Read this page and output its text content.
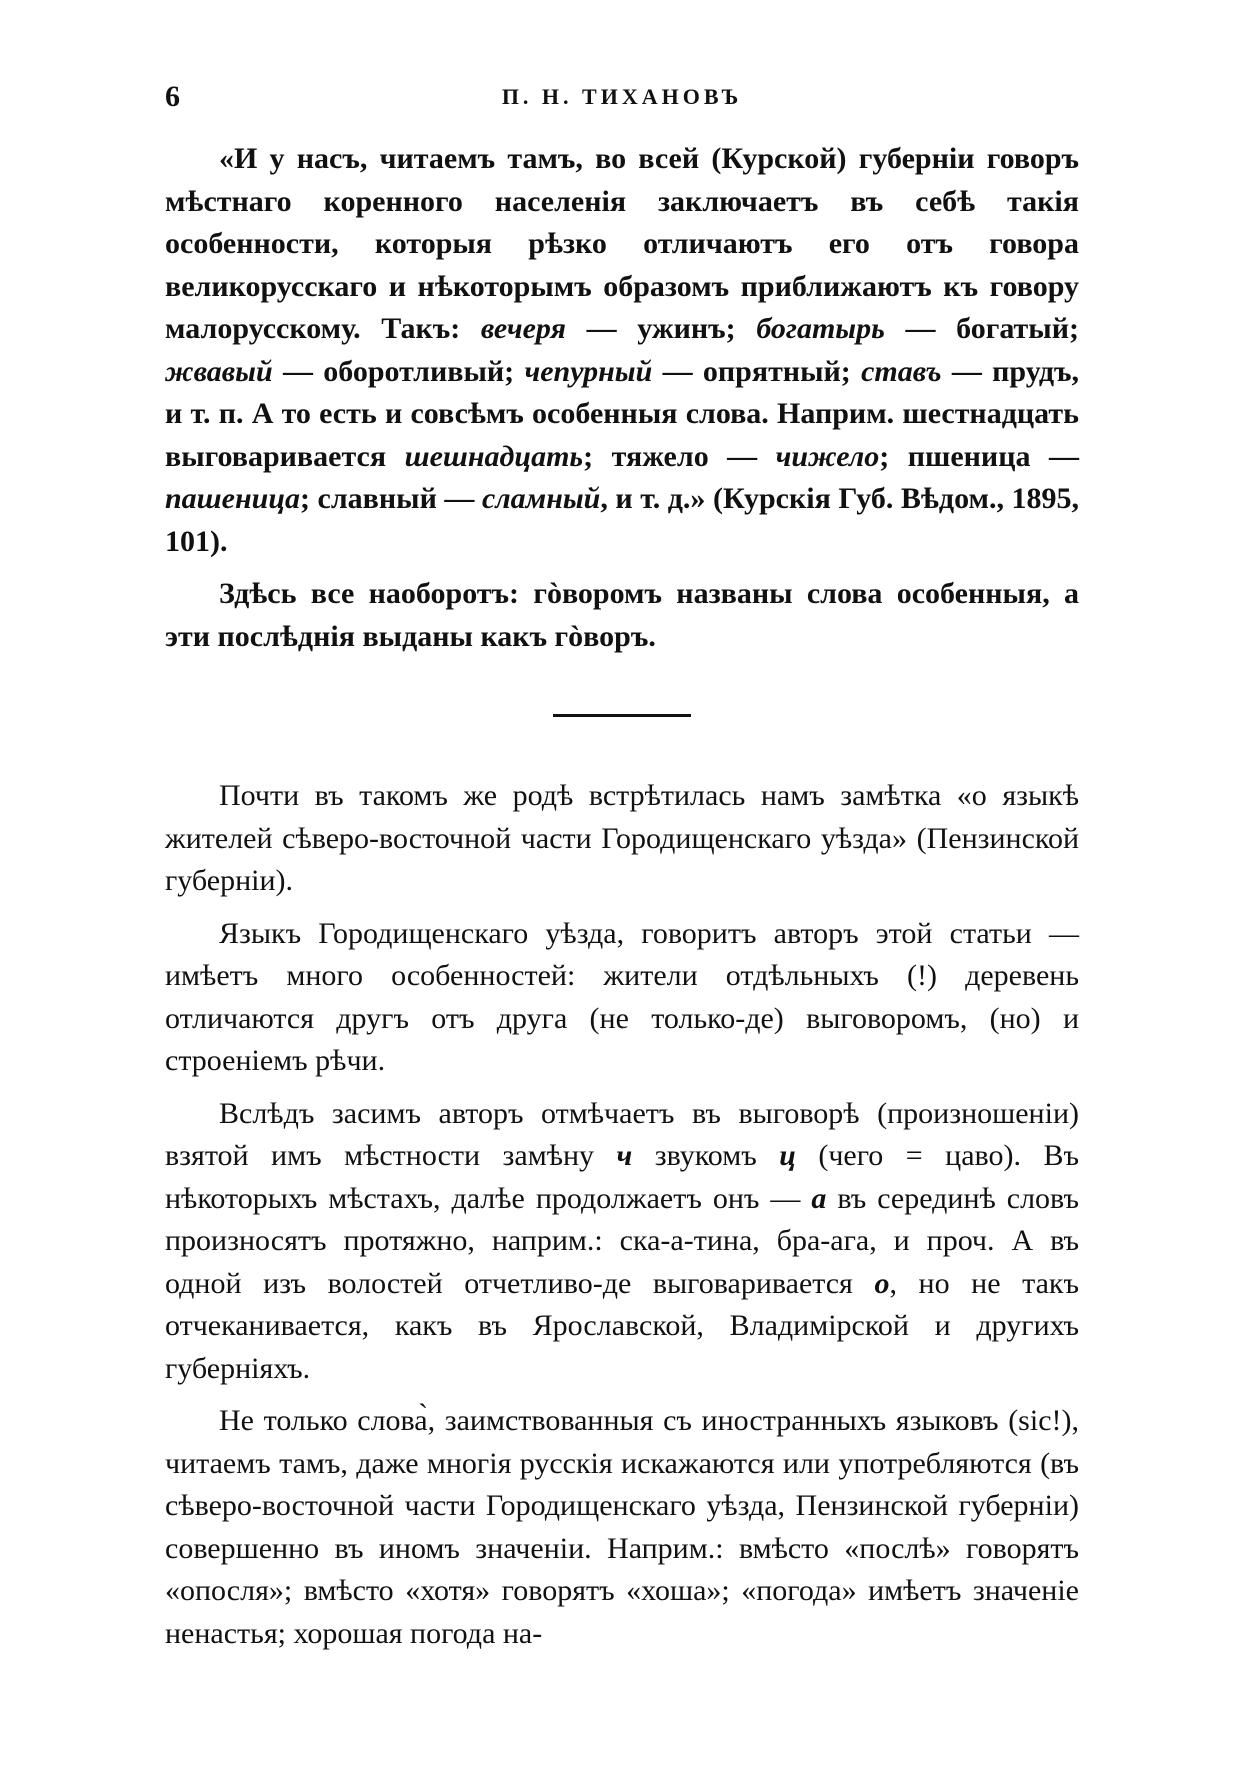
6	П. Н. ТИХАНОВЪ

«И у насъ, читаемъ тамъ, во всей (Курской) губерніи говоръ мѣстнаго коренного населенія заключаетъ въ себѣ такія особенности, которыя рѣзко отличаютъ его отъ говора великорусскаго и нѣкоторымъ образомъ приближаютъ къ говору малорусскому. Такъ: вечеря — ужинъ; богатырь — богатый; жвавый — оборотливый; чепурный — опрятный; ставъ — прудъ, и т. п. А то есть и совсѣмъ особенныя слова. Наприм. шестнадцать выговаривается шешнадцать; тяжело — чижело; пшеница — пашеница; славный — сламный, и т. д.» (Курскія Губ. Вѣдом., 1895, 101).

Здѣсь все наоборотъ: гòворомъ названы слова особенныя, а эти послѣднія выданы какъ гòворъ.

Почти въ такомъ же родѣ встрѣтилась намъ замѣтка «о языкѣ жителей сѣверо-восточной части Городищенскаго уѣзда» (Пензинской губерніи).

Языкъ Городищенскаго уѣзда, говоритъ авторъ этой статьи — имѣетъ много особенностей: жители отдѣльныхъ (!) деревень отличаются другъ отъ друга (не только-де) выговоромъ, (но) и строеніемъ рѣчи.

Вслѣдъ засимъ авторъ отмѣчаетъ въ выговорѣ (произношеніи) взятой имъ мѣстности замѣну ч звукомъ ц (чего = цаво). Въ нѣкоторыхъ мѣстахъ, далѣе продолжаетъ онъ — а въ серединѣ словъ произносятъ протяжно, наприм.: ска-а-тина, бра-ага, и проч. А въ одной изъ волостей отчетливо-де выговаривается о, но не такъ отчеканивается, какъ въ Ярославской, Владимірской и другихъ губерніяхъ.

Не только слова̀, заимствованныя съ иностранныхъ языковъ (sic!), читаемъ тамъ, даже многія русскія искажаются или употребляются (въ сѣверо-восточной части Городищенскаго уѣзда, Пензинской губерніи) совершенно въ иномъ значеніи. Наприм.: вмѣсто «послѣ» говорятъ «опосля»; вмѣсто «хотя» говорятъ «хоша»; «погода» имѣетъ значеніе ненастья; хорошая погода на-
